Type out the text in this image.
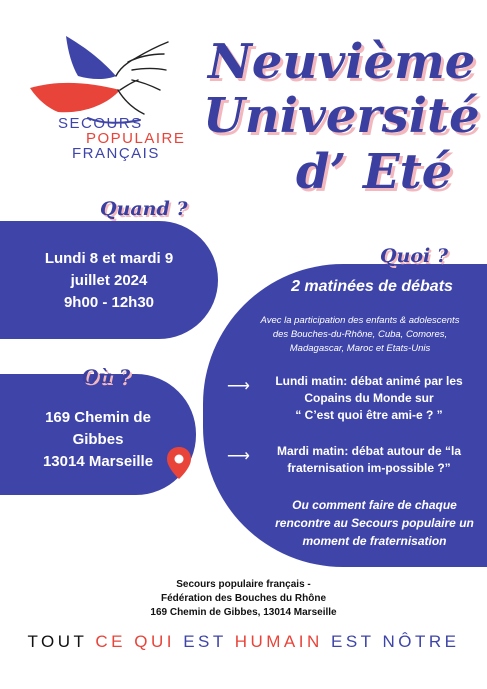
SECOURS
POPULAIRE
FRANÇAIS
Neuvième
Université
d’ Eté
Lundi 8 et mardi 9
juillet 2024
9h00 - 12h30
Quand ?
169 Chemin de
Gibbes
13014 Marseille
Où ?
Quoi ?
2 matinées de débats
Avec la participation des enfants & adolescents
des Bouches-du-Rhône, Cuba, Comores,
Madagascar, Maroc et Etats-Unis
⟶	Lundi matin: débat animé par les
Copains du Monde sur
“ C’est quoi être ami-e ? ”
⟶	Mardi matin: débat autour de “la
fraternisation im-possible ?”
Ou comment faire de chaque
rencontre au Secours populaire un
moment de fraternisation
Secours populaire français -
Fédération des Bouches du Rhône
169 Chemin de Gibbes, 13014 Marseille
TOUT CE QUI EST HUMAIN EST NÔTRE
